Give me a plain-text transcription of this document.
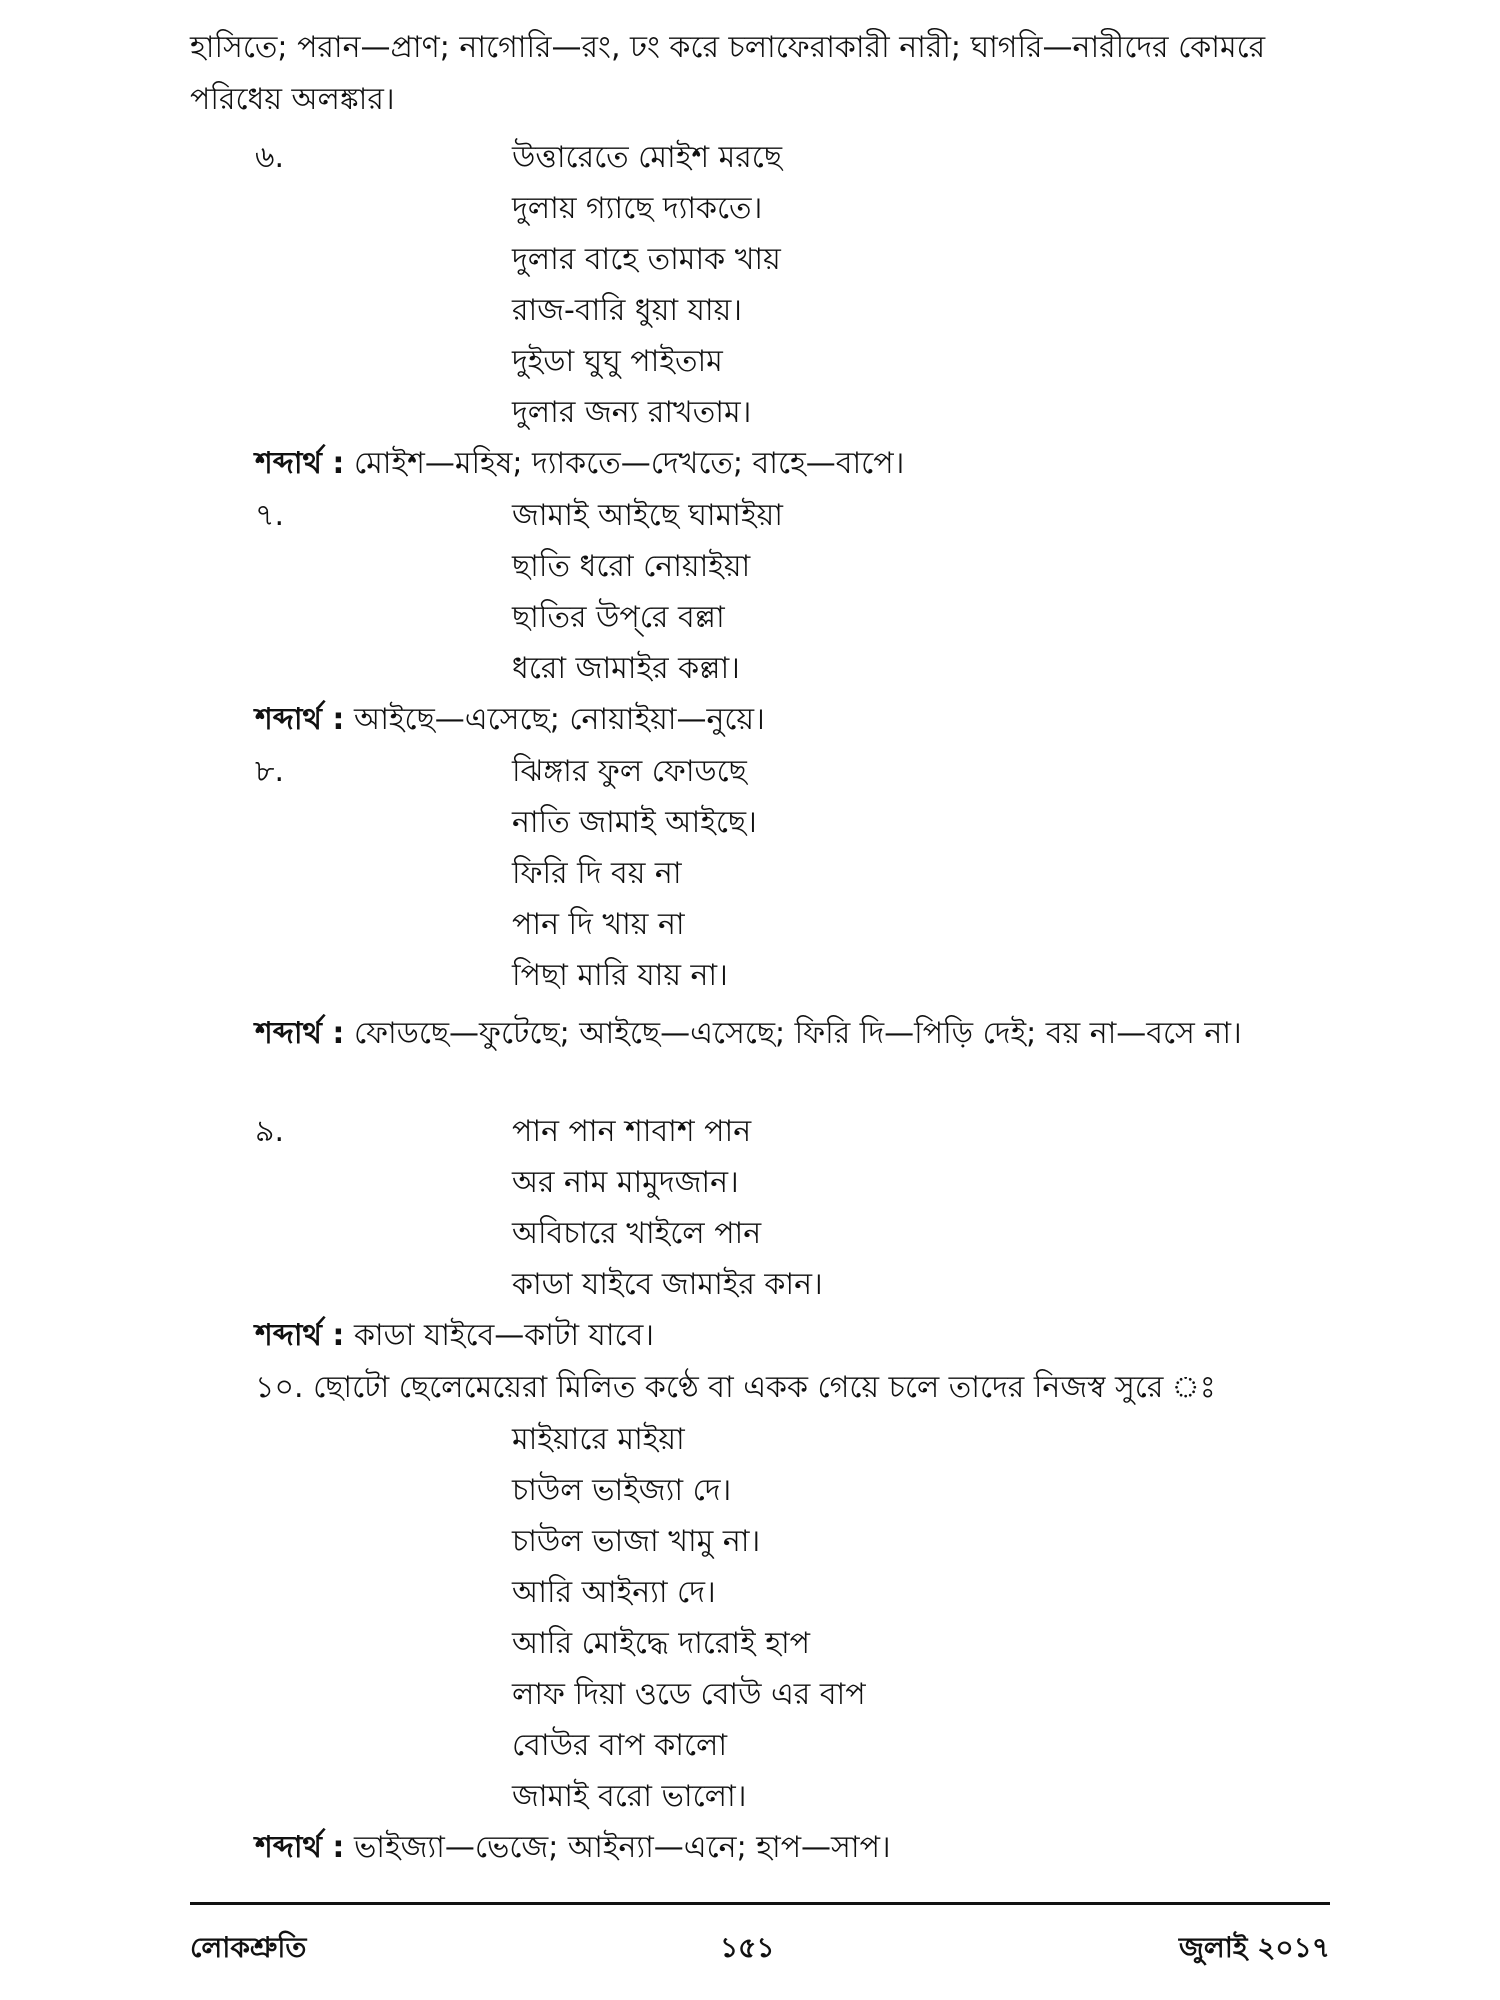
হাসিতে; পরান—প্রাণ; নাগোরি—রং, ঢং করে চলাফেরাকারী নারী; ঘাগরি—নারীদের কোমরে পরিধেয় অলঙ্কার।
৬.	উত্তারেতে মোইশ মরছে
দুলায় গ্যাছে দ্যাকতে।
দুলার বাহে তামাক খায়
রাজ-বারি ধুয়া যায়।
দুইডা ঘুঘু পাইতাম
দুলার জন্য রাখতাম।
শব্দার্থ : মোইশ—মহিষ; দ্যাকতে—দেখতে; বাহে—বাপে।
৭.	জামাই আইছে ঘামাইয়া
ছাতি ধরো নোয়াইয়া
ছাতির উপ্‌রে বল্লা
ধরো জামাইর কল্লা।
শব্দার্থ : আইছে—এসেছে; নোয়াইয়া—নুয়ে।
৮.	ঝিঙ্গার ফুল ফোডছে
নাতি জামাই আইছে।
ফিরি দি বয় না
পান দি খায় না
পিছা মারি যায় না।
শব্দার্থ : ফোডছে—ফুটেছে; আইছে—এসেছে; ফিরি দি—পিড়ি দেই; বয় না—বসে না।
৯.	পান পান শাবাশ পান
অর নাম মামুদজান।
অবিচারে খাইলে পান
কাডা যাইবে জামাইর কান।
শব্দার্থ : কাডা যাইবে—কাটা যাবে।
১০. ছোটো ছেলেমেয়েরা মিলিত কণ্ঠে বা একক গেয়ে চলে তাদের নিজস্ব সুরে ঃ
মাইয়ারে মাইয়া
চাউল ভাইজ্যা দে।
চাউল ভাজা খামু না।
আরি আইন্যা দে।
আরি মোইদ্ধে দারোই হাপ
লাফ দিয়া ওডে বোউ এর বাপ
বোউর বাপ কালো
জামাই বরো ভালো।
শব্দার্থ : ভাইজ্যা—ভেজে; আইন্যা—এনে; হাপ—সাপ।
লোকশ্রুতি	১৫১	জুলাই ২০১৭
